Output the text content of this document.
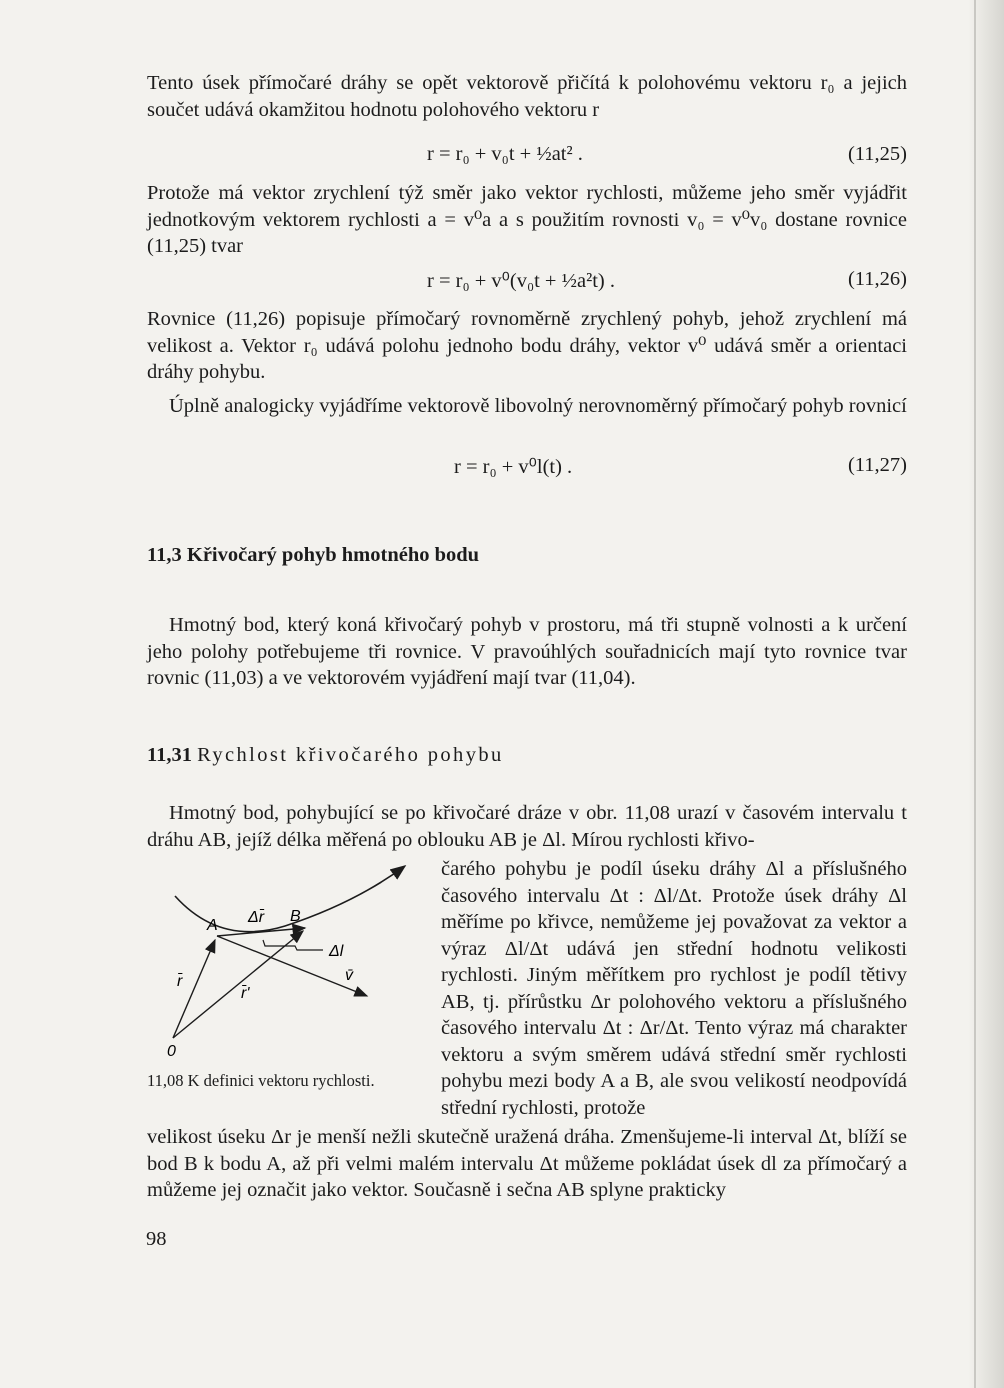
Tento úsek přímočaré dráhy se opět vektorově přičítá k polohovému vektoru r₀ a jejich součet udává okamžitou hodnotu polohového vektoru r

r = r₀ + v₀t + ½at² .	(11,25)

Protože má vektor zrychlení týž směr jako vektor rychlosti, můžeme jeho směr vyjádřit jednotkovým vektorem rychlosti a = v⁰a a s použitím rovnosti v₀ = v⁰v₀ dostane rovnice (11,25) tvar

r = r₀ + v⁰(v₀t + ½a²t) .	(11,26)

Rovnice (11,26) popisuje přímočarý rovnoměrně zrychlený pohyb, jehož zrychlení má velikost a. Vektor r₀ udává polohu jednoho bodu dráhy, vektor v⁰ udává směr a orientaci dráhy pohybu.

Úplně analogicky vyjádříme vektorově libovolný nerovnoměrný přímočarý pohyb rovnicí

r = r₀ + v⁰l(t) .	(11,27)
11,3 Křivočarý pohyb hmotného bodu

Hmotný bod, který koná křivočarý pohyb v prostoru, má tři stupně volnosti a k určení jeho polohy potřebujeme tři rovnice. V pravoúhlých souřadnicích mají tyto rovnice tvar rovnic (11,03) a ve vektorovém vyjádření mají tvar (11,04).

11,31 Rychlost křivočarého pohybu

Hmotný bod, pohybující se po křivočaré dráze v obr. 11,08 urazí v časovém intervalu t dráhu AB, jejíž délka měřená po oblouku AB je Δl. Mírou rychlosti křivo-

A Δr̄ B
Δl
v̄
r̄
r̄'
0
11,08 K definici vektoru rychlosti.

čarého pohybu je podíl úseku dráhy Δl a příslušného časového intervalu Δt : Δl/Δt. Protože úsek dráhy Δl měříme po křivce, nemůžeme jej považovat za vektor a výraz Δl/Δt udává jen střední hodnotu velikosti rychlosti. Jiným měřítkem pro rychlost je podíl tětivy AB, tj. přírůstku Δr polohového vektoru a příslušného časového intervalu Δt : Δr/Δt. Tento výraz má charakter vektoru a svým směrem udává střední směr rychlosti pohybu mezi body A a B, ale svou velikostí neodpovídá střední rychlosti, protože

velikost úseku Δr je menší nežli skutečně uražená dráha. Zmenšujeme-li interval Δt, blíží se bod B k bodu A, až při velmi malém intervalu Δt můžeme pokládat úsek dl za přímočarý a můžeme jej označit jako vektor. Současně i sečna AB splyne prakticky

98
